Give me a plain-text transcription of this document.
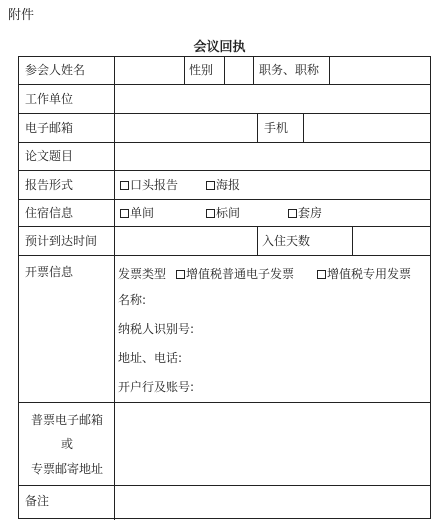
附件
会议回执
参会人姓名	性别	职务、职称
工作单位
电子邮箱	手机
论文题目
报告形式	口头报告	海报
住宿信息	单间	标间	套房
预计到达时间	入住天数
开票信息	发票类型	增值税普通电子发票	增值税专用发票
名称:
纳税人识别号:
地址、电话:
开户行及账号:
普票电子邮箱
或
专票邮寄地址
备注
